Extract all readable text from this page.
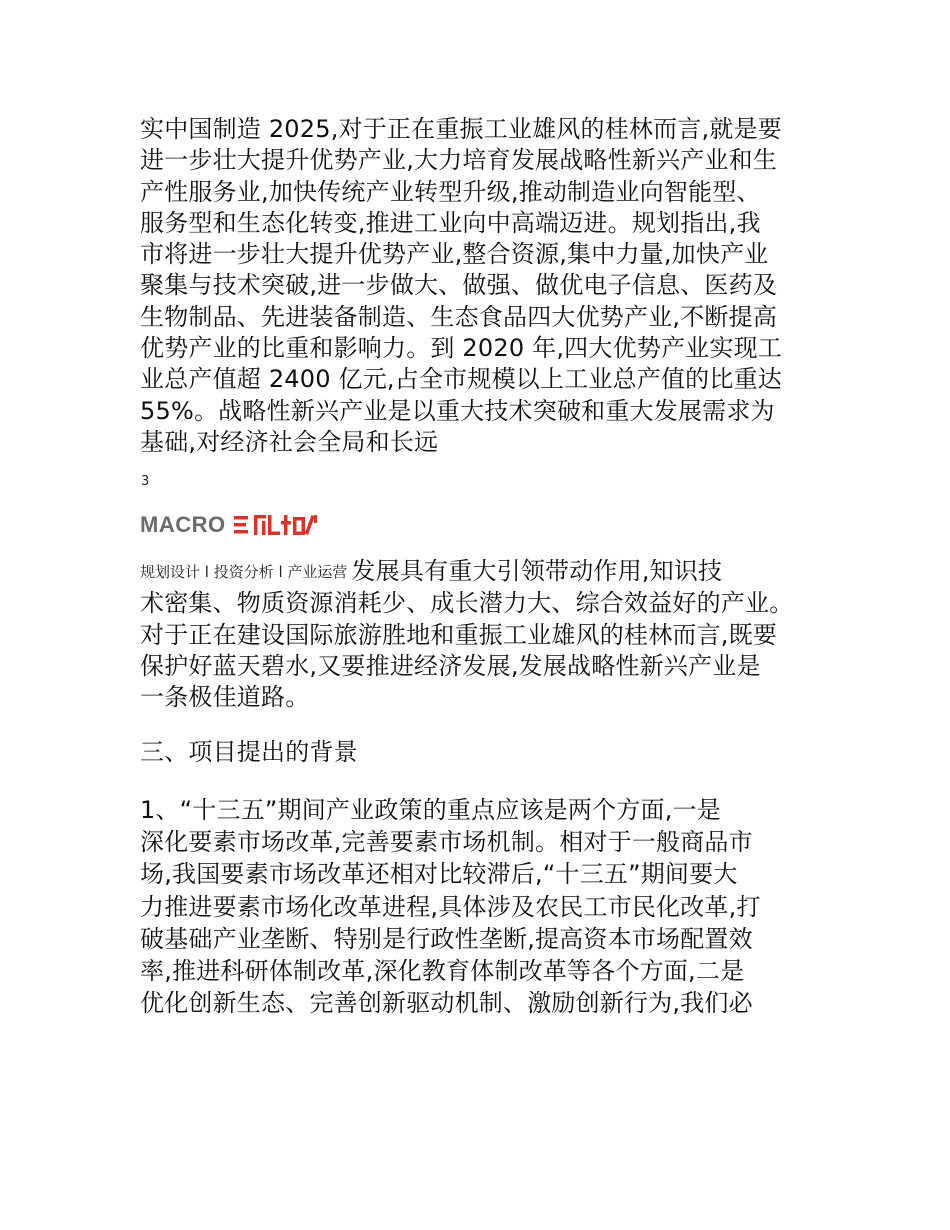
实中国制造 2025,对于正在重振工业雄风的桂林而言,就是要
进一步壮大提升优势产业,大力培育发展战略性新兴产业和生
产性服务业,加快传统产业转型升级,推动制造业向智能型、
服务型和生态化转变,推进工业向中高端迈进。规划指出,我
市将进一步壮大提升优势产业,整合资源,集中力量,加快产业
聚集与技术突破,进一步做大、做强、做优电子信息、医药及
生物制品、先进装备制造、生态食品四大优势产业,不断提高
优势产业的比重和影响力。到 2020 年,四大优势产业实现工
业总产值超 2400 亿元,占全市规模以上工业总产值的比重达
55%。战略性新兴产业是以重大技术突破和重大发展需求为
基础,对经济社会全局和长远

3
MACRO

规划设计 l 投资分析 l 产业运营 发展具有重大引领带动作用,知识技
术密集、物质资源消耗少、成长潜力大、综合效益好的产业。
对于正在建设国际旅游胜地和重振工业雄风的桂林而言,既要
保护好蓝天碧水,又要推进经济发展,发展战略性新兴产业是
一条极佳道路。

三、项目提出的背景

1、“十三五”期间产业政策的重点应该是两个方面,一是
深化要素市场改革,完善要素市场机制。相对于一般商品市
场,我国要素市场改革还相对比较滞后,“十三五”期间要大
力推进要素市场化改革进程,具体涉及农民工市民化改革,打
破基础产业垄断、特别是行政性垄断,提高资本市场配置效
率,推进科研体制改革,深化教育体制改革等各个方面,二是
优化创新生态、完善创新驱动机制、激励创新行为,我们必
